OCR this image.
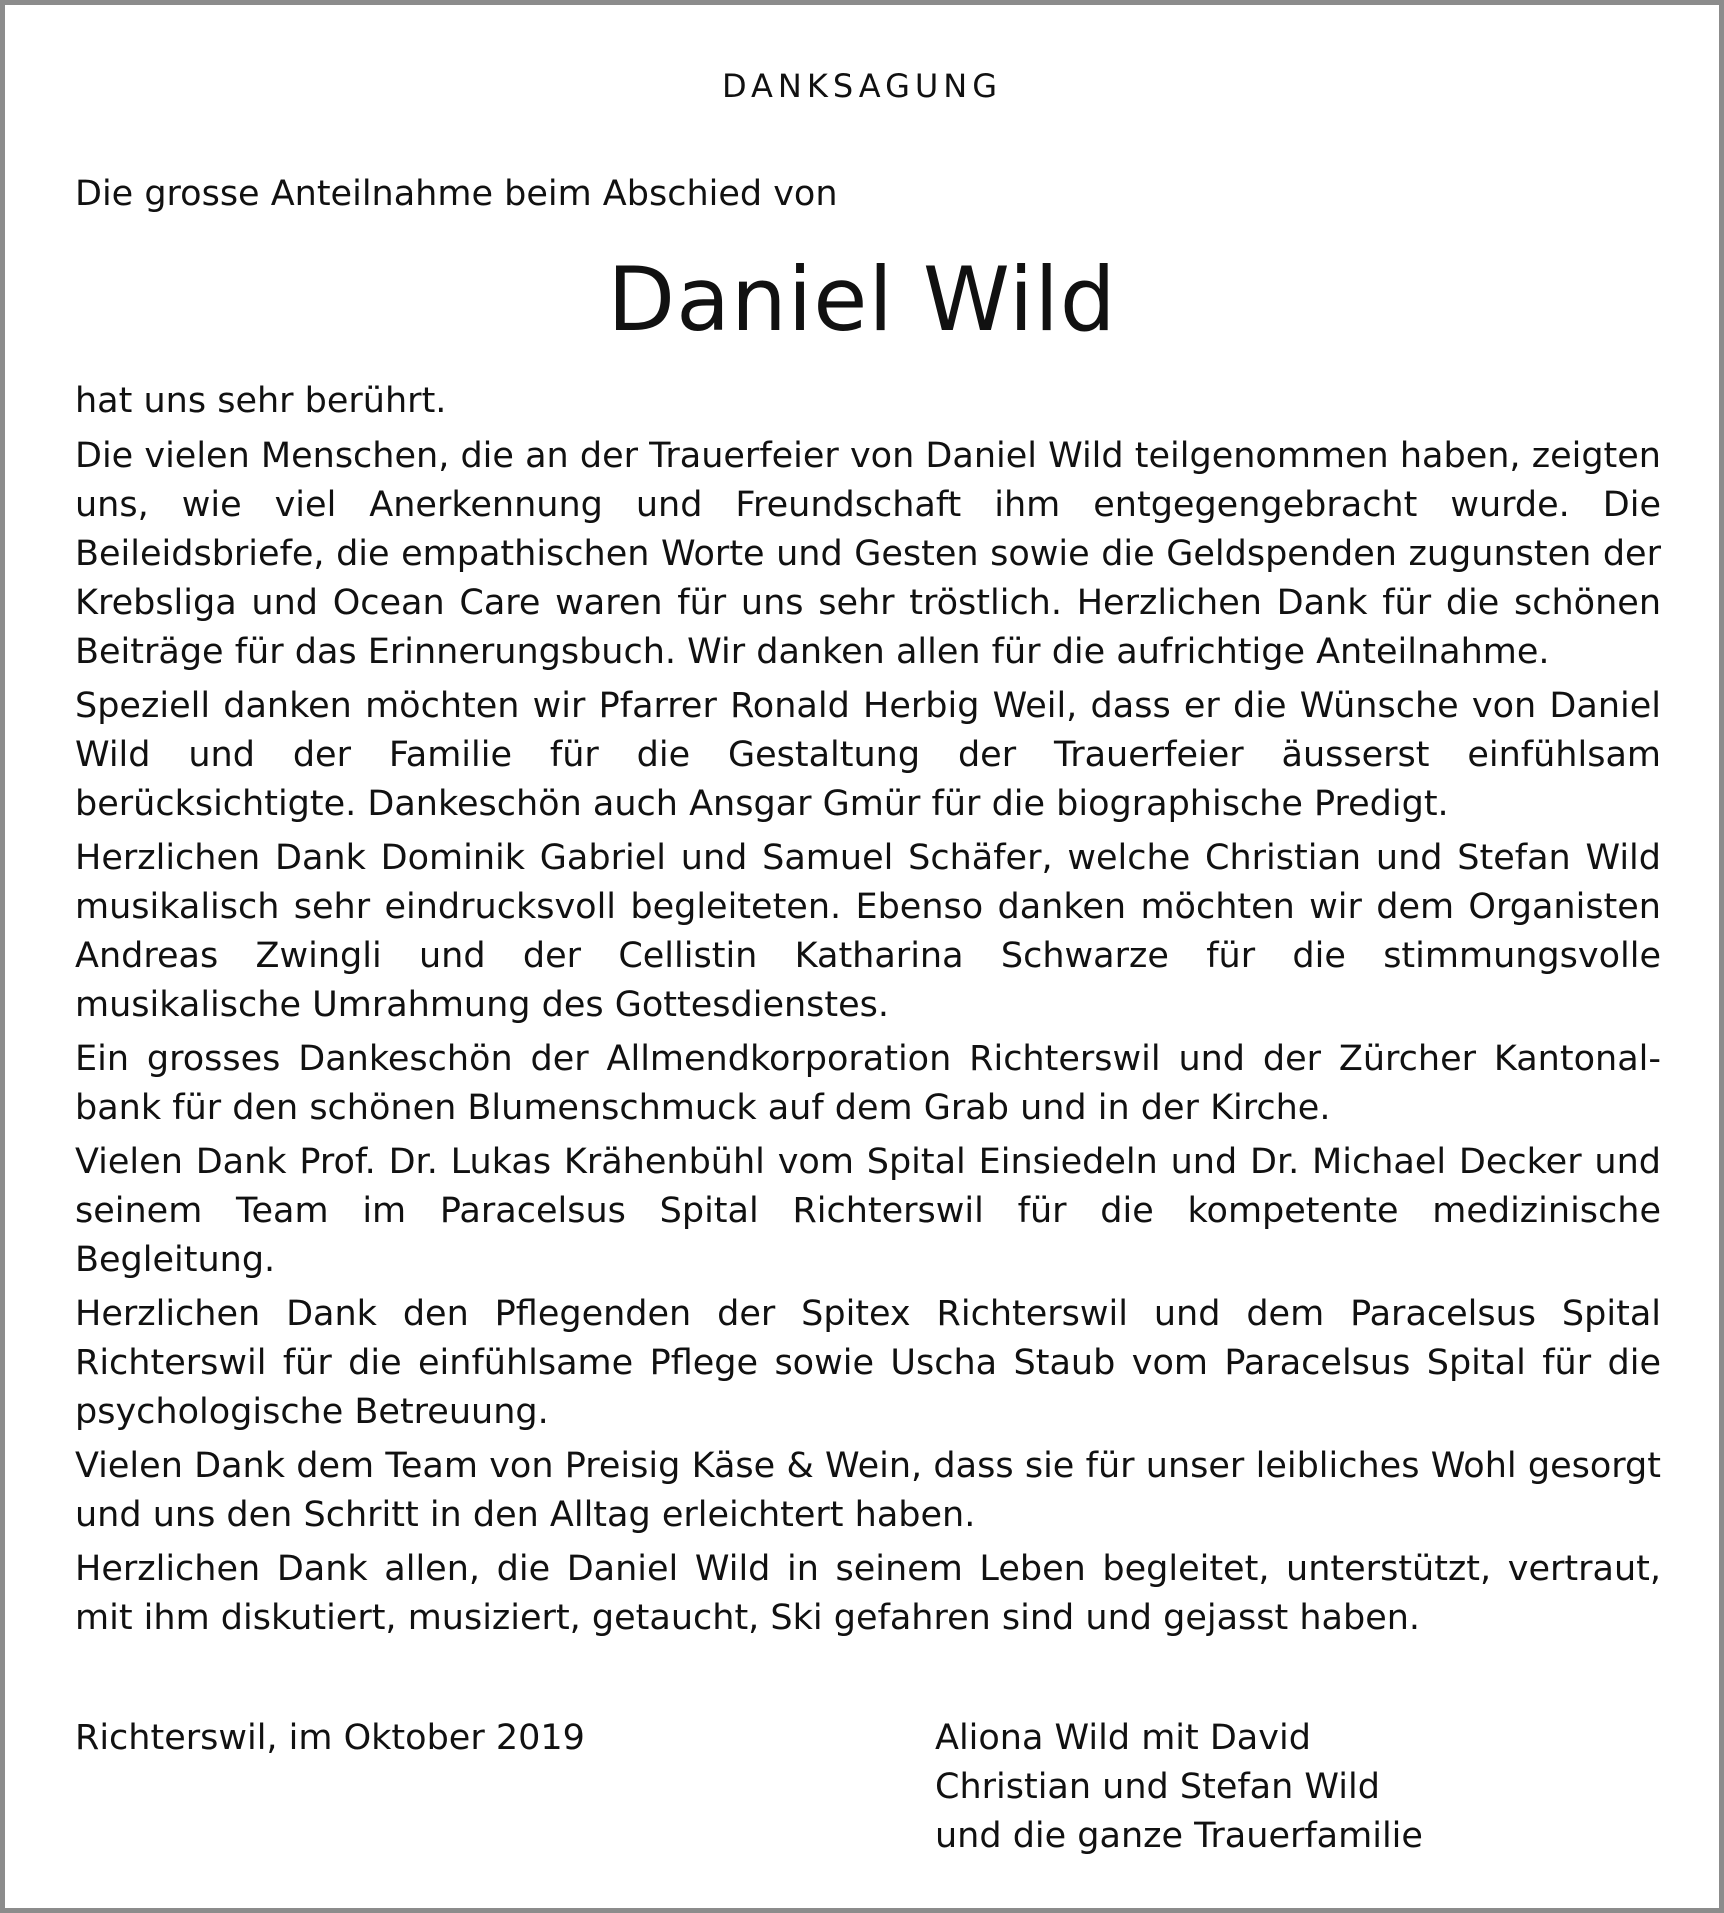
DANKSAGUNG
Die grosse Anteilnahme beim Abschied von
Daniel Wild

hat uns sehr berührt.

Die vielen Menschen, die an der Trauerfeier von Daniel Wild teilgenommen haben, zeigten uns, wie viel Anerkennung und Freundschaft ihm entgegengebracht wurde. Die Beileidsbriefe, die empathischen Worte und Gesten sowie die Geldspenden zugunsten der Krebsliga und Ocean Care waren für uns sehr tröstlich. Herzlichen Dank für die schönen Beiträge für das Erinnerungsbuch. Wir danken allen für die aufrichtige Anteilnahme.

Speziell danken möchten wir Pfarrer Ronald Herbig Weil, dass er die Wünsche von Daniel Wild und der Familie für die Gestaltung der Trauerfeier äusserst einfühlsam berücksichtigte. Dankeschön auch Ansgar Gmür für die biographische Predigt.

Herzlichen Dank Dominik Gabriel und Samuel Schäfer, welche Christian und Stefan Wild musikalisch sehr eindrucksvoll begleiteten. Ebenso danken möchten wir dem Organisten Andreas Zwingli und der Cellistin Katharina Schwarze für die stimmungsvolle musikalische Umrahmung des Gottesdienstes.

Ein grosses Dankeschön der Allmendkorporation Richterswil und der Zürcher Kantonal-bank für den schönen Blumenschmuck auf dem Grab und in der Kirche.

Vielen Dank Prof. Dr. Lukas Krähenbühl vom Spital Einsiedeln und Dr. Michael Decker und seinem Team im Paracelsus Spital Richterswil für die kompetente medizinische Begleitung.

Herzlichen Dank den Pflegenden der Spitex Richterswil und dem Paracelsus Spital Richterswil für die einfühlsame Pflege sowie Uscha Staub vom Paracelsus Spital für die psychologische Betreuung.

Vielen Dank dem Team von Preisig Käse & Wein, dass sie für unser leibliches Wohl gesorgt und uns den Schritt in den Alltag erleichtert haben.

Herzlichen Dank allen, die Daniel Wild in seinem Leben begleitet, unterstützt, vertraut, mit ihm diskutiert, musiziert, getaucht, Ski gefahren sind und gejasst haben.

Richterswil, im Oktober 2019	Aliona Wild mit David
Christian und Stefan Wild
und die ganze Trauerfamilie
